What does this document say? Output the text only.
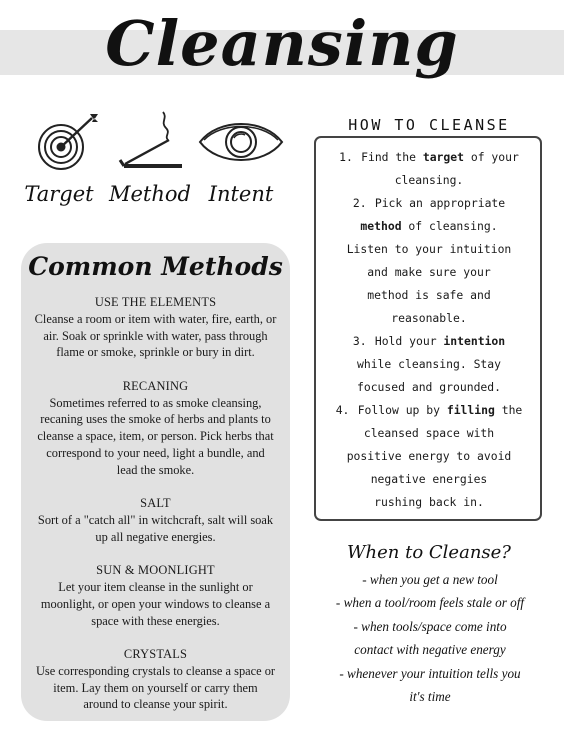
Cleansing
Target Method Intent
Common Methods
USE THE ELEMENTS
Cleanse a room or item with water, fire, earth, or
air. Soak or sprinkle with water, pass through
flame or smoke, sprinkle or bury in dirt.
RECANING
Sometimes referred to as smoke cleansing,
recaning uses the smoke of herbs and plants to
cleanse a space, item, or person. Pick herbs that
correspond to your need, light a bundle, and
lead the smoke.
SALT
Sort of a "catch all" in witchcraft, salt will soak
up all negative energies.
SUN & MOONLIGHT
Let your item cleanse in the sunlight or
moonlight, or open your windows to cleanse a
space with these energies.
CRYSTALS
Use corresponding crystals to cleanse a space or
item. Lay them on yourself or carry them
around to cleanse your spirit.
HOW TO CLEANSE
1. Find the target of your
cleansing.
2. Pick an appropriate
method of cleansing.
Listen to your intuition
and make sure your
method is safe and
reasonable.
3. Hold your intention
while cleansing. Stay
focused and grounded.
4. Follow up by filling the
cleansed space with
positive energy to avoid
negative energies
rushing back in.
When to Cleanse?
- when you get a new tool
- when a tool/room feels stale or off
- when tools/space come into
contact with negative energy
- whenever your intuition tells you
it's time
